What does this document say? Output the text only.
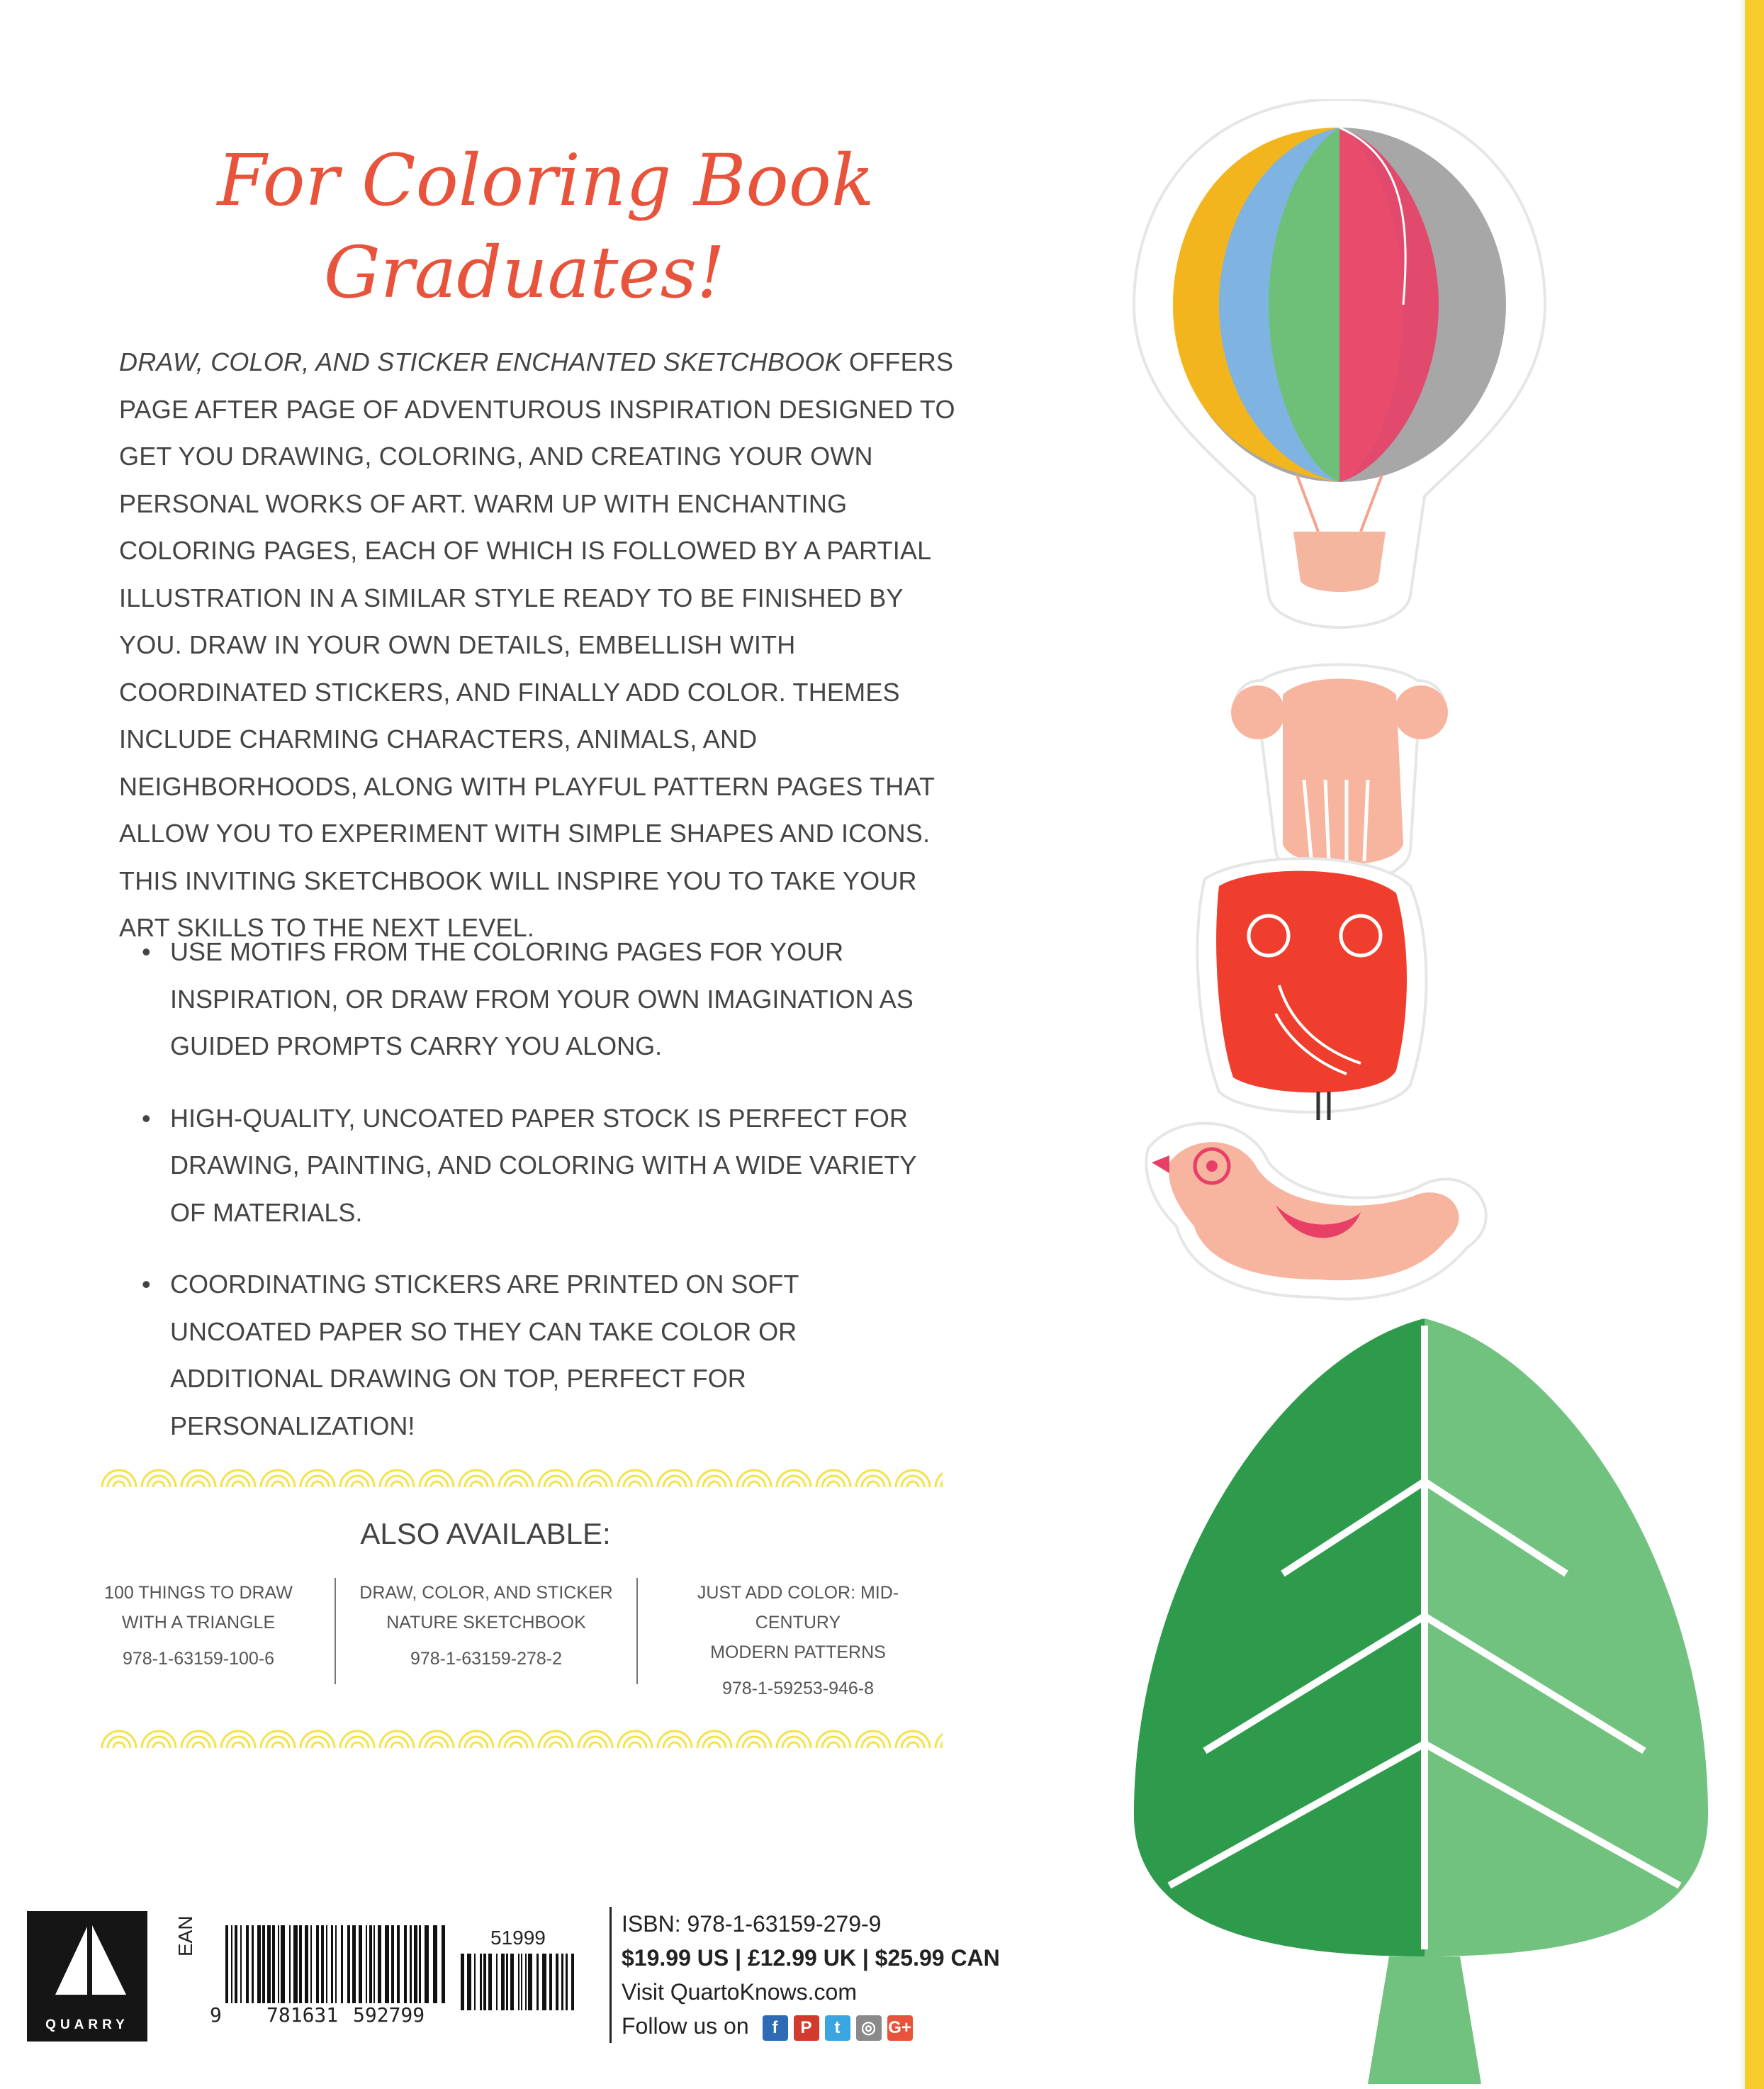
For Coloring Book
Graduates!
DRAW, COLOR, AND STICKER ENCHANTED SKETCHBOOK OFFERS PAGE AFTER PAGE OF ADVENTUROUS INSPIRATION DESIGNED TO GET YOU DRAWING, COLORING, AND CREATING YOUR OWN PERSONAL WORKS OF ART. WARM UP WITH ENCHANTING COLORING PAGES, EACH OF WHICH IS FOLLOWED BY A PARTIAL ILLUSTRATION IN A SIMILAR STYLE READY TO BE FINISHED BY YOU. DRAW IN YOUR OWN DETAILS, EMBELLISH WITH COORDINATED STICKERS, AND FINALLY ADD COLOR. THEMES INCLUDE CHARMING CHARACTERS, ANIMALS, AND NEIGHBORHOODS, ALONG WITH PLAYFUL PATTERN PAGES THAT ALLOW YOU TO EXPERIMENT WITH SIMPLE SHAPES AND ICONS. THIS INVITING SKETCHBOOK WILL INSPIRE YOU TO TAKE YOUR ART SKILLS TO THE NEXT LEVEL.
• USE MOTIFS FROM THE COLORING PAGES FOR YOUR INSPIRATION, OR DRAW FROM YOUR OWN IMAGINATION AS GUIDED PROMPTS CARRY YOU ALONG.
• HIGH-QUALITY, UNCOATED PAPER STOCK IS PERFECT FOR DRAWING, PAINTING, AND COLORING WITH A WIDE VARIETY OF MATERIALS.
• COORDINATING STICKERS ARE PRINTED ON SOFT UNCOATED PAPER SO THEY CAN TAKE COLOR OR ADDITIONAL DRAWING ON TOP, PERFECT FOR PERSONALIZATION!
ALSO AVAILABLE:
100 THINGS TO DRAW
WITH A TRIANGLE
978-1-63159-100-6
DRAW, COLOR, AND STICKER
NATURE SKETCHBOOK
978-1-63159-278-2
JUST ADD COLOR: MID-CENTURY
MODERN PATTERNS
978-1-59253-946-8
QUARRY
EAN	51999
9 781631 592799
ISBN: 978-1-63159-279-9
$19.99 US | £12.99 UK | $25.99 CAN
Visit QuartoKnows.com
Follow us on	f	P	t	◎ G+
